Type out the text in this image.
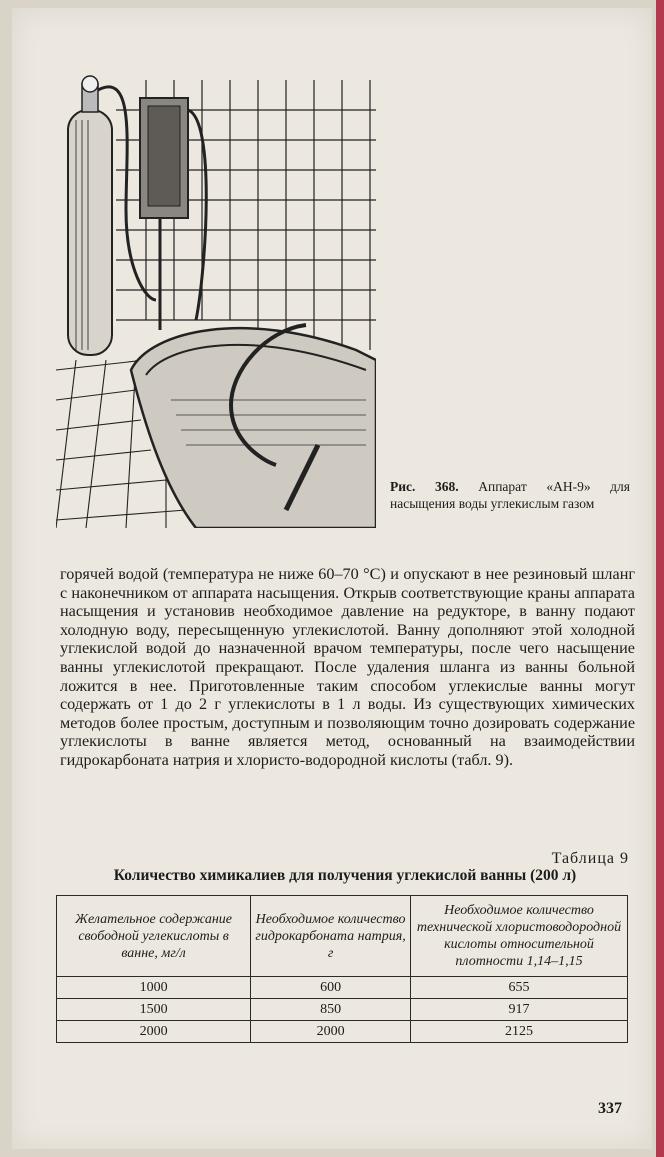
Рис. 368. Аппарат «АН-9» для насыщения воды углекислым газом
горячей водой (температура не ниже 60–70 °С) и опускают в нее резиновый шланг с наконечником от аппарата насыщения. Открыв соответствующие краны аппарата насыщения и установив необходимое давление на редукторе, в ванну подают холодную воду, пересыщенную углекислотой. Ванну дополняют этой холодной углекислой водой до назначенной врачом температуры, после чего насыщение ванны углекислотой прекращают. После удаления шланга из ванны больной ложится в нее. Приготовленные таким способом углекислые ванны могут содержать от 1 до 2 г углекислоты в 1 л воды. Из существующих химических методов более простым, доступным и позволяющим точно дозировать содержание углекислоты в ванне является метод, основанный на взаимодействии гидрокарбоната натрия и хлористо-водородной кислоты (табл. 9).
Таблица 9
Количество химикалиев для получения углекислой ванны (200 л)
Желательное содержание свободной углекислоты в ванне, мг/л	Необходимое количество гидрокарбоната натрия, г	Необходимое количество технической хлористоводородной кислоты относительной плотности 1,14–1,15
1000	600	655
1500	850	917
2000	2000	2125
337
